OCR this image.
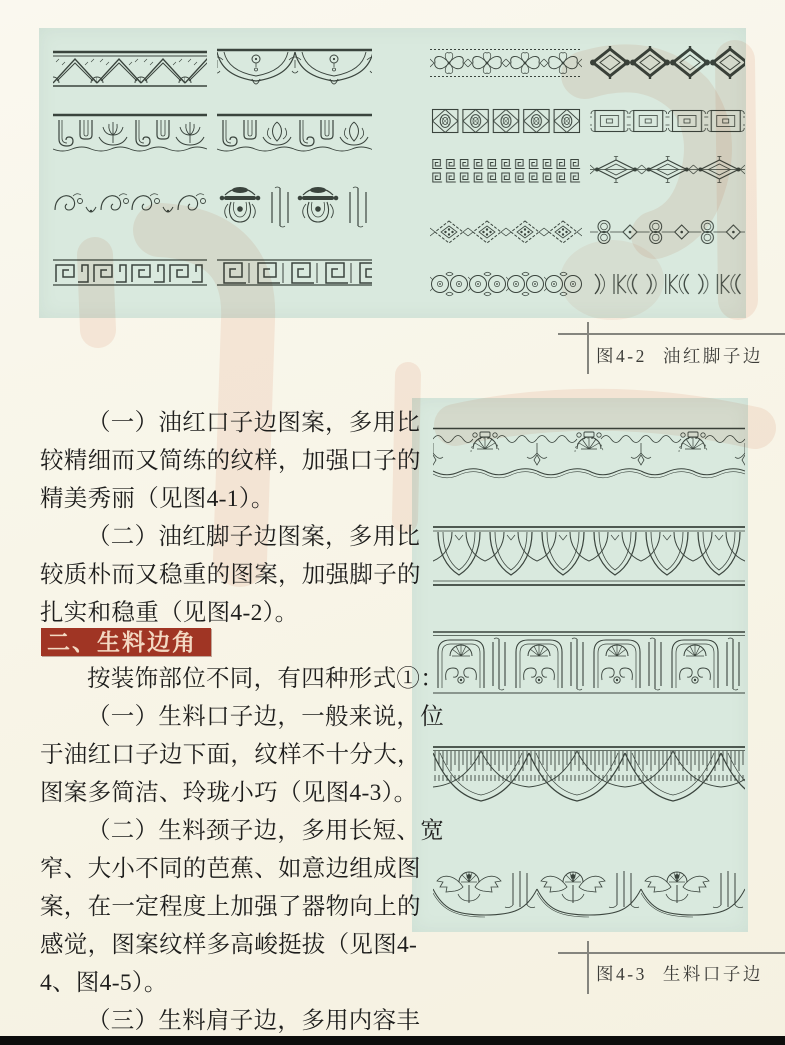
图4-2 油红脚子边
（一）油红口子边图案，多用比
较精细而又简练的纹样，加强口子的
精美秀丽（见图4-1）。
（二）油红脚子边图案，多用比
较质朴而又稳重的图案，加强脚子的
扎实和稳重（见图4-2）。
二、生料边角
按装饰部位不同，有四种形式①：
（一）生料口子边，一般来说，位
于油红口子边下面，纹样不十分大，
图案多简洁、玲珑小巧（见图4-3）。
（二）生料颈子边，多用长短、宽
窄、大小不同的芭蕉、如意边组成图
案，在一定程度上加强了器物向上的
感觉，图案纹样多高峻挺拔（见图4-
4、图4-5）。
（三）生料肩子边，多用内容丰
图4-3 生料口子边
